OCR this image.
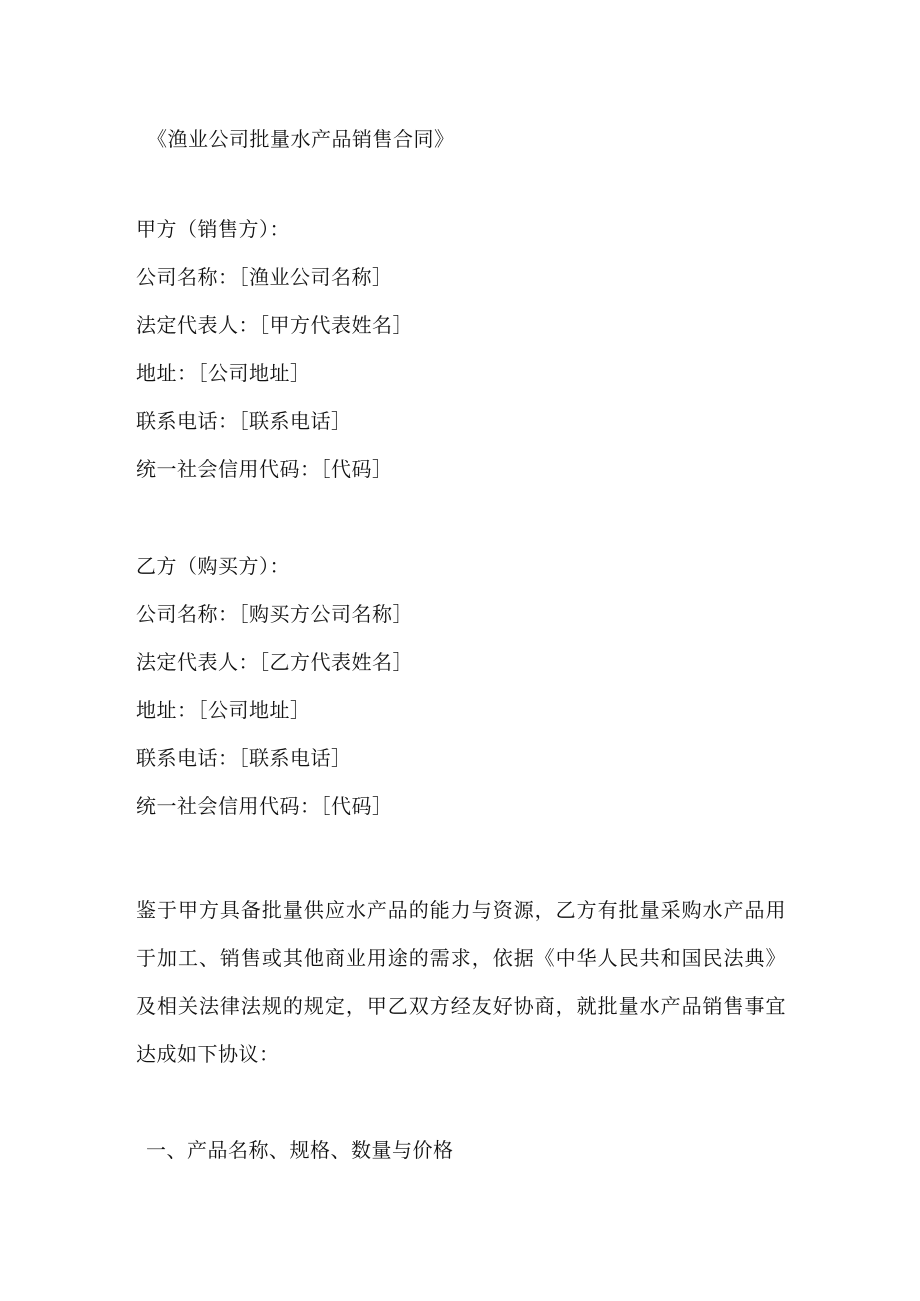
《渔业公司批量水产品销售合同》
甲方（销售方）：
公司名称：［渔业公司名称］
法定代表人：［甲方代表姓名］
地址：［公司地址］
联系电话：［联系电话］
统一社会信用代码：［代码］
乙方（购买方）：
公司名称：［购买方公司名称］
法定代表人：［乙方代表姓名］
地址：［公司地址］
联系电话：［联系电话］
统一社会信用代码：［代码］
鉴于甲方具备批量供应水产品的能力与资源，乙方有批量采购水产品用于加工、销售或其他商业用途的需求，依据《中华人民共和国民法典》及相关法律法规的规定，甲乙双方经友好协商，就批量水产品销售事宜达成如下协议：
一、产品名称、规格、数量与价格
